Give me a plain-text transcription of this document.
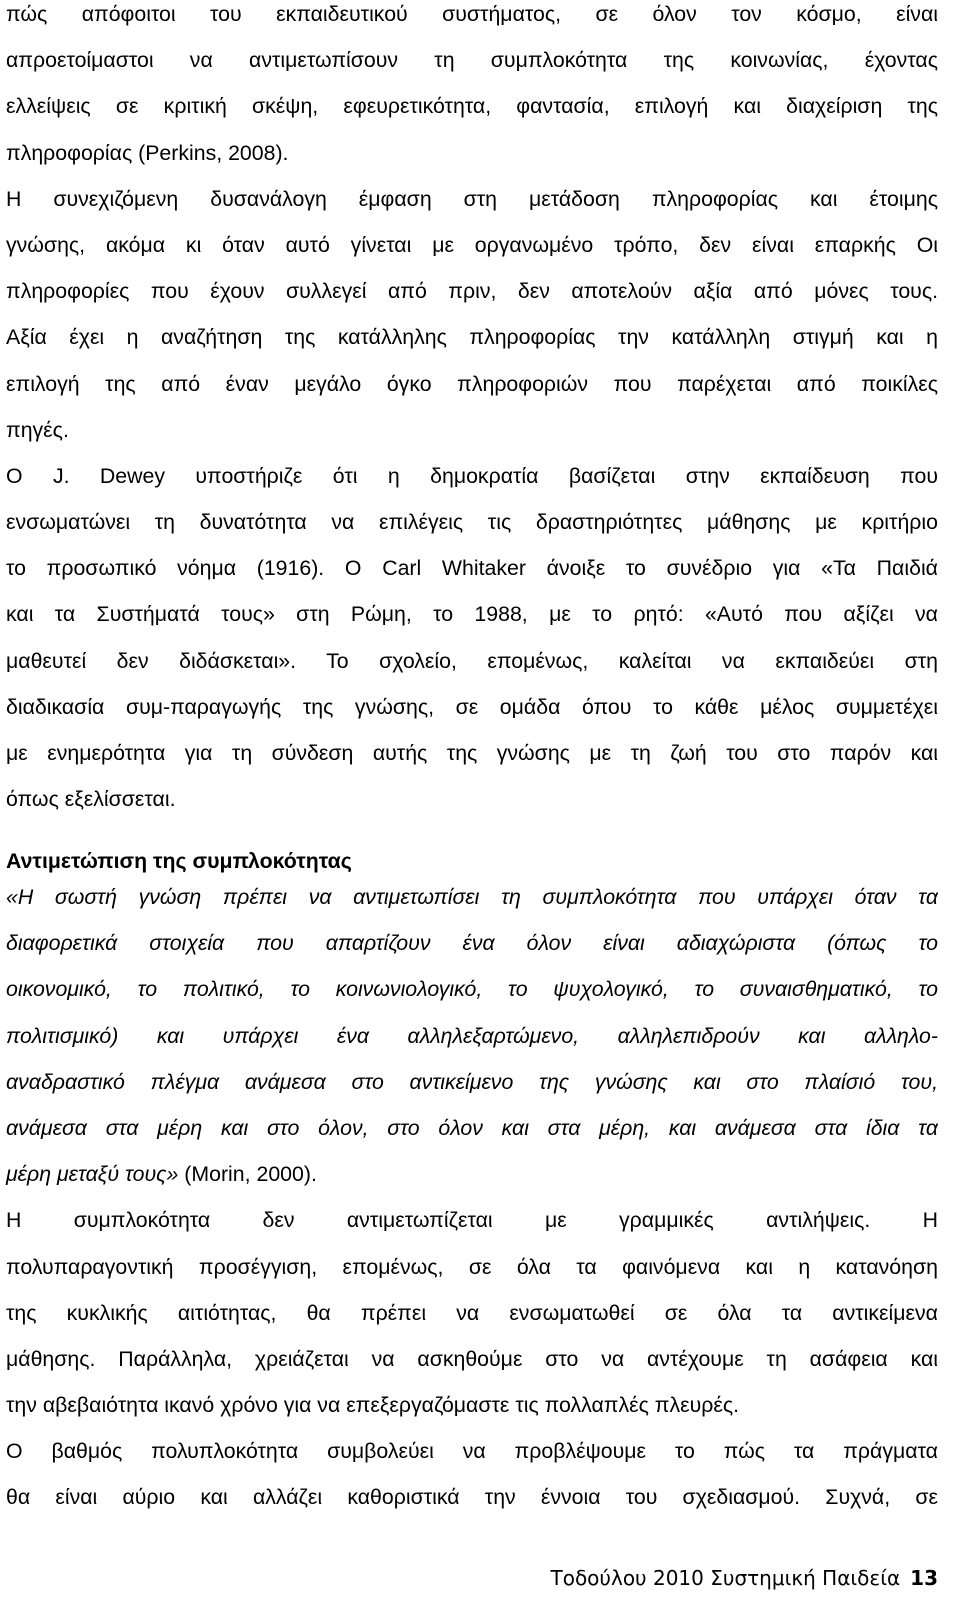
πώς απόφοιτοι του εκπαιδευτικού συστήματος, σε όλον τον κόσμο, είναι
απροετοίμαστοι να αντιμετωπίσουν τη συμπλοκότητα της κοινωνίας, έχοντας
ελλείψεις σε κριτική σκέψη, εφευρετικότητα, φαντασία, επιλογή και διαχείριση της
πληροφορίας (Perkins, 2008).
Η συνεχιζόμενη δυσανάλογη έμφαση στη μετάδοση πληροφορίας και έτοιμης
γνώσης, ακόμα κι όταν αυτό γίνεται με οργανωμένο τρόπο, δεν είναι επαρκής Οι
πληροφορίες που έχουν συλλεγεί από πριν, δεν αποτελούν αξία από μόνες τους.
Αξία έχει η αναζήτηση της κατάλληλης πληροφορίας την κατάλληλη στιγμή και η
επιλογή της από έναν μεγάλο όγκο πληροφοριών που παρέχεται από ποικίλες
πηγές.
Ο J. Dewey υποστήριζε ότι η δημοκρατία βασίζεται στην εκπαίδευση που
ενσωματώνει τη δυνατότητα να επιλέγεις τις δραστηριότητες μάθησης με κριτήριο
το προσωπικό νόημα (1916). Ο Carl Whitaker άνοιξε το συνέδριο για «Τα Παιδιά
και τα Συστήματά τους» στη Ρώμη, το 1988, με το ρητό: «Αυτό που αξίζει να
μαθευτεί δεν διδάσκεται». Το σχολείο, επομένως, καλείται να εκπαιδεύει στη
διαδικασία συμ-παραγωγής της γνώσης, σε ομάδα όπου το κάθε μέλος συμμετέχει
με ενημερότητα για τη σύνδεση αυτής της γνώσης με τη ζωή του στο παρόν και
όπως εξελίσσεται.
Αντιμετώπιση της συμπλοκότητας
«Η σωστή γνώση πρέπει να αντιμετωπίσει τη συμπλοκότητα που υπάρχει όταν τα
διαφορετικά στοιχεία που απαρτίζουν ένα όλον είναι αδιαχώριστα (όπως το
οικονομικό, το πολιτικό, το κοινωνιολογικό, το ψυχολογικό, το συναισθηματικό, το
πολιτισμικό) και υπάρχει ένα αλληλεξαρτώμενο, αλληλεπιδρούν και αλληλο-
αναδραστικό πλέγμα ανάμεσα στο αντικείμενο της γνώσης και στο πλαίσιό του,
ανάμεσα στα μέρη και στο όλον, στο όλον και στα μέρη, και ανάμεσα στα ίδια τα
μέρη μεταξύ τους» (Morin, 2000).
Η συμπλοκότητα δεν αντιμετωπίζεται με γραμμικές αντιλήψεις. Η
πολυπαραγοντική προσέγγιση, επομένως, σε όλα τα φαινόμενα και η κατανόηση
της κυκλικής αιτιότητας, θα πρέπει να ενσωματωθεί σε όλα τα αντικείμενα
μάθησης. Παράλληλα, χρειάζεται να ασκηθούμε στο να αντέχουμε τη ασάφεια και
την αβεβαιότητα ικανό χρόνο για να επεξεργαζόμαστε τις πολλαπλές πλευρές.
Ο βαθμός πολυπλοκότητα συμβολεύει να προβλέψουμε το πώς τα πράγματα
θα είναι αύριο και αλλάζει καθοριστικά την έννοια του σχεδιασμού. Συχνά, σε
Τοδούλου 2010 Συστημική Παιδεία 13
